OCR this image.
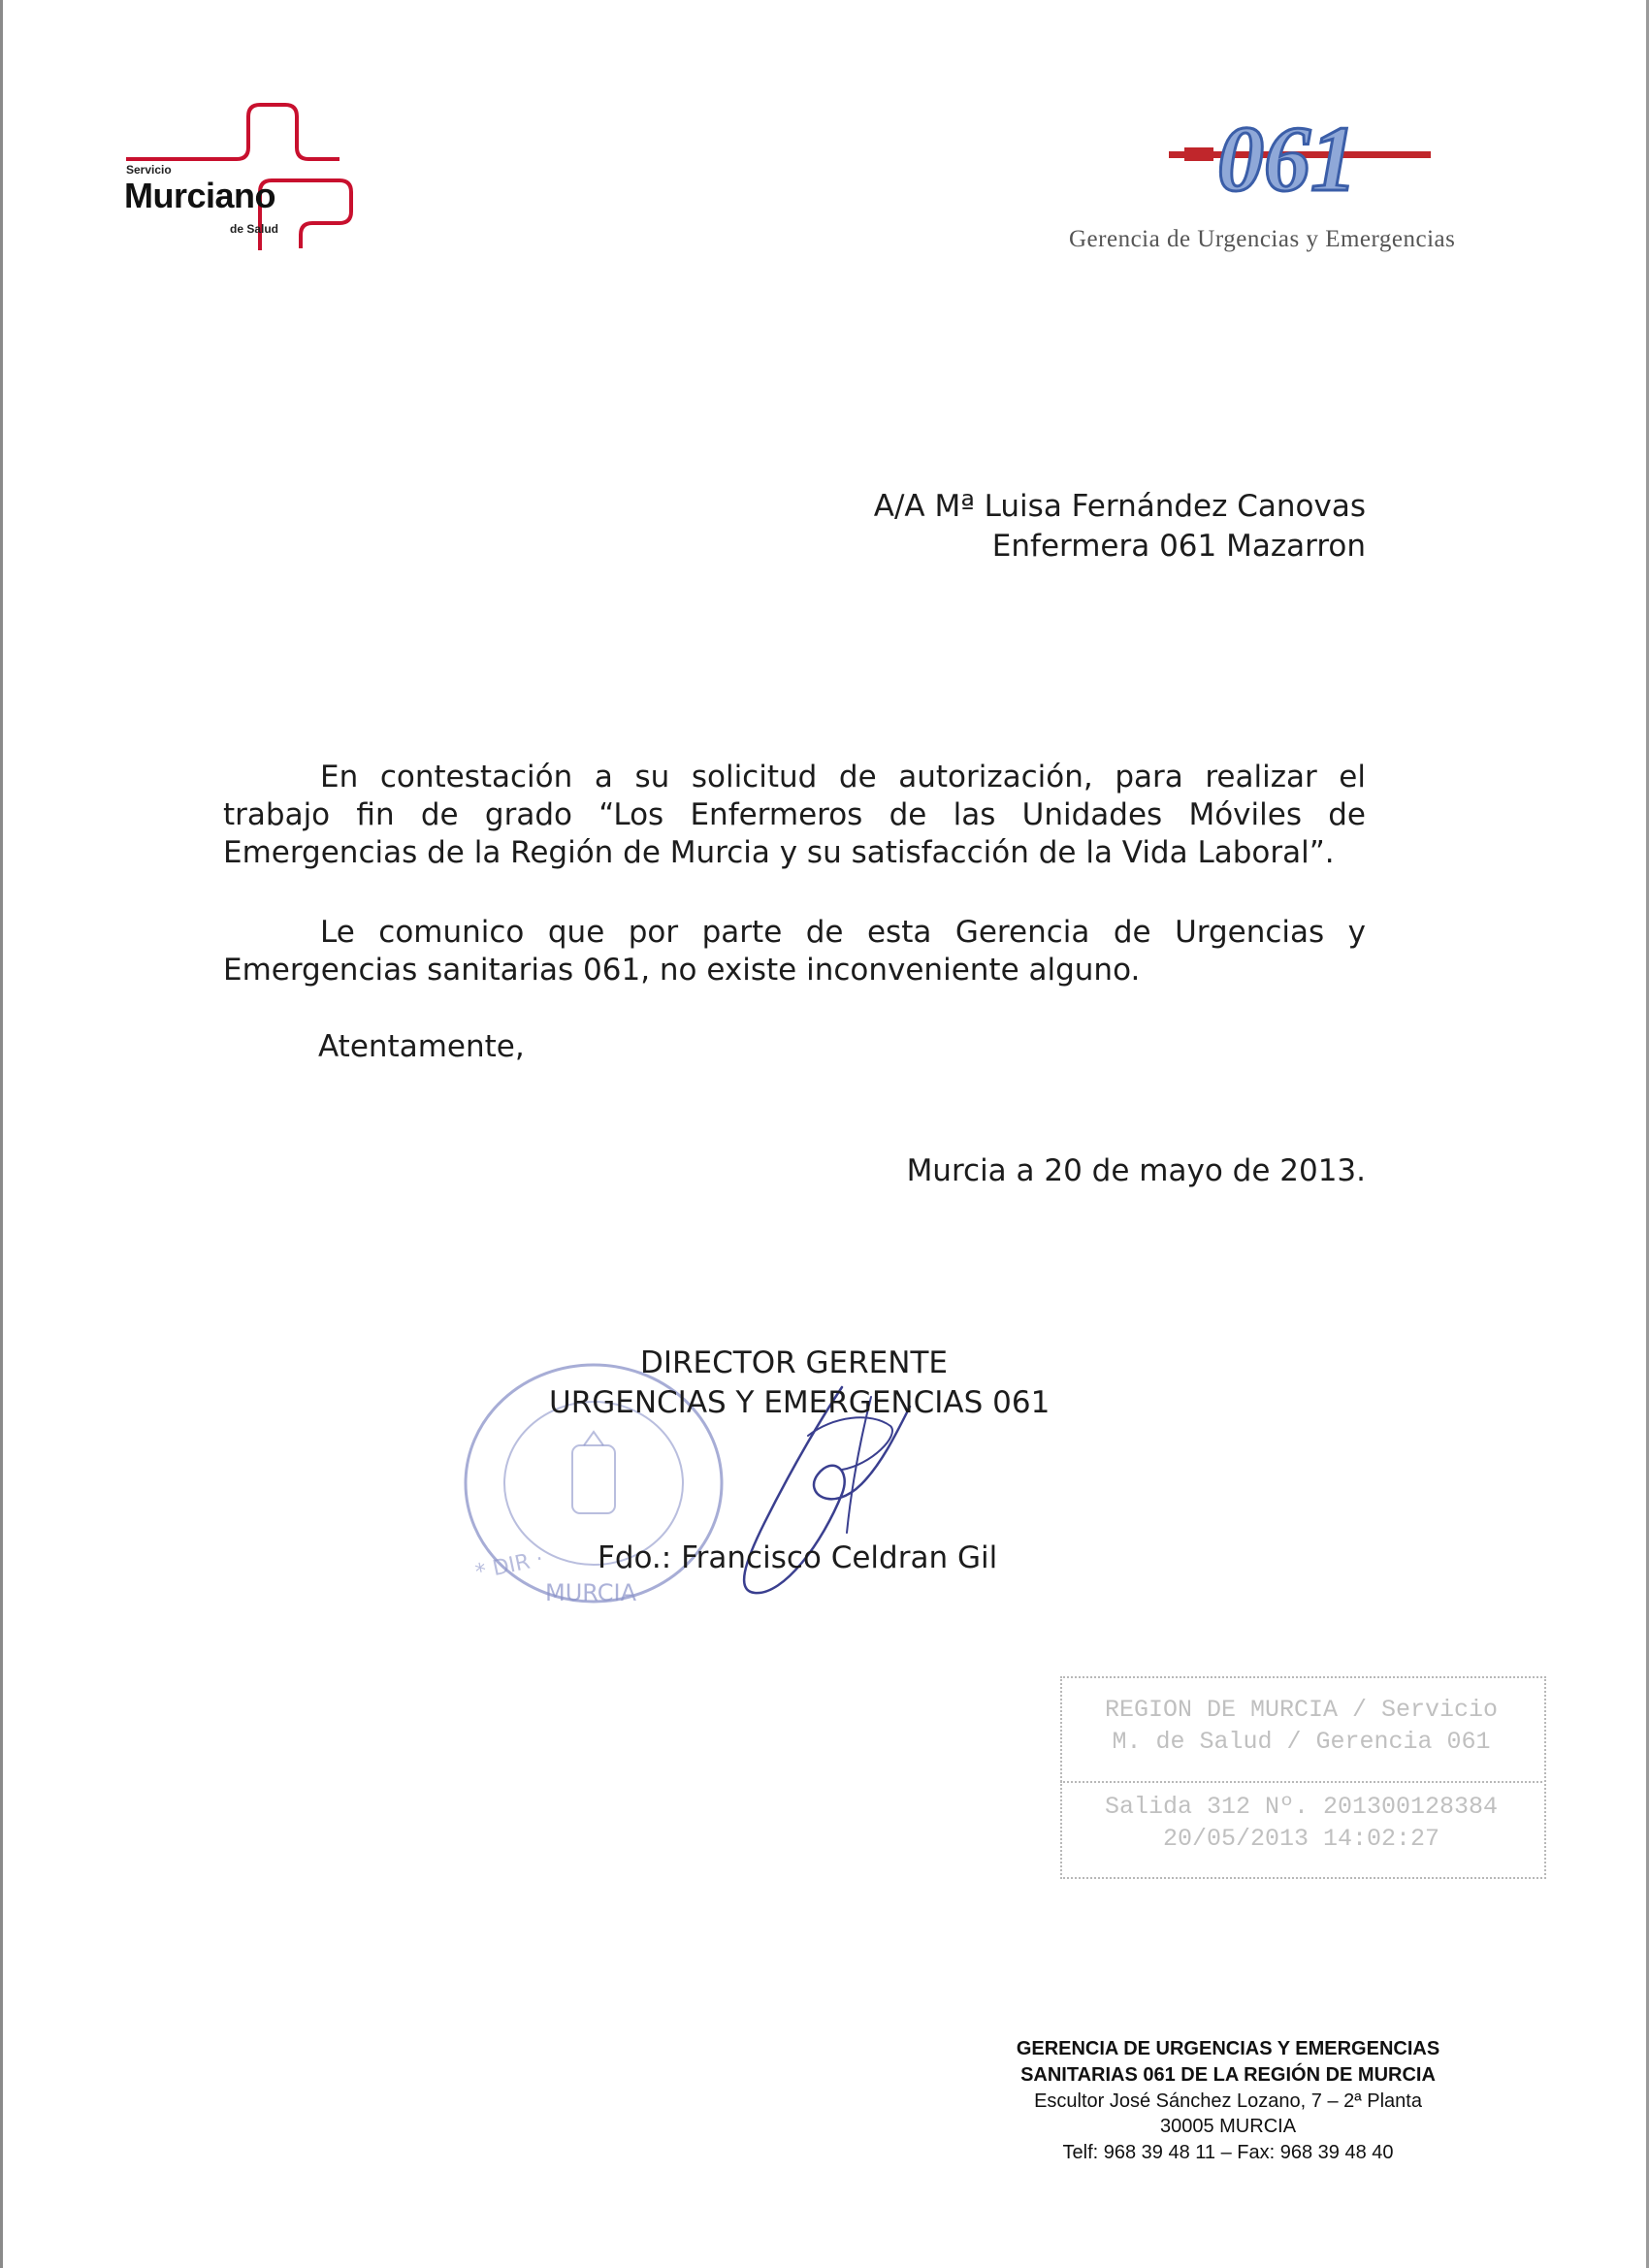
Servicio
Murciano
de Salud
061
Gerencia de Urgencias y Emergencias
A/A Mª Luisa Fernández Canovas
Enfermera 061 Mazarron
En contestación a su solicitud de autorización, para realizar el trabajo fin de grado “Los Enfermeros de las Unidades Móviles de Emergencias de la Región de Murcia y su satisfacción de la Vida Laboral”.
Le comunico que por parte de esta Gerencia de Urgencias y Emergencias sanitarias 061, no existe inconveniente alguno.
Atentamente,
Murcia a 20 de mayo de 2013.
* DIR ·
MURCIA
DIRECTOR GERENTE
URGENCIAS Y EMERGENCIAS 061
Fdo.: Francisco Celdran Gil
REGION DE MURCIA / Servicio
M. de Salud / Gerencia 061
Salida 312 Nº. 201300128384
20/05/2013 14:02:27
GERENCIA DE URGENCIAS Y EMERGENCIAS
SANITARIAS 061 DE LA REGIÓN DE MURCIA
Escultor José Sánchez Lozano, 7 – 2ª Planta
30005 MURCIA
Telf: 968 39 48 11 – Fax: 968 39 48 40
